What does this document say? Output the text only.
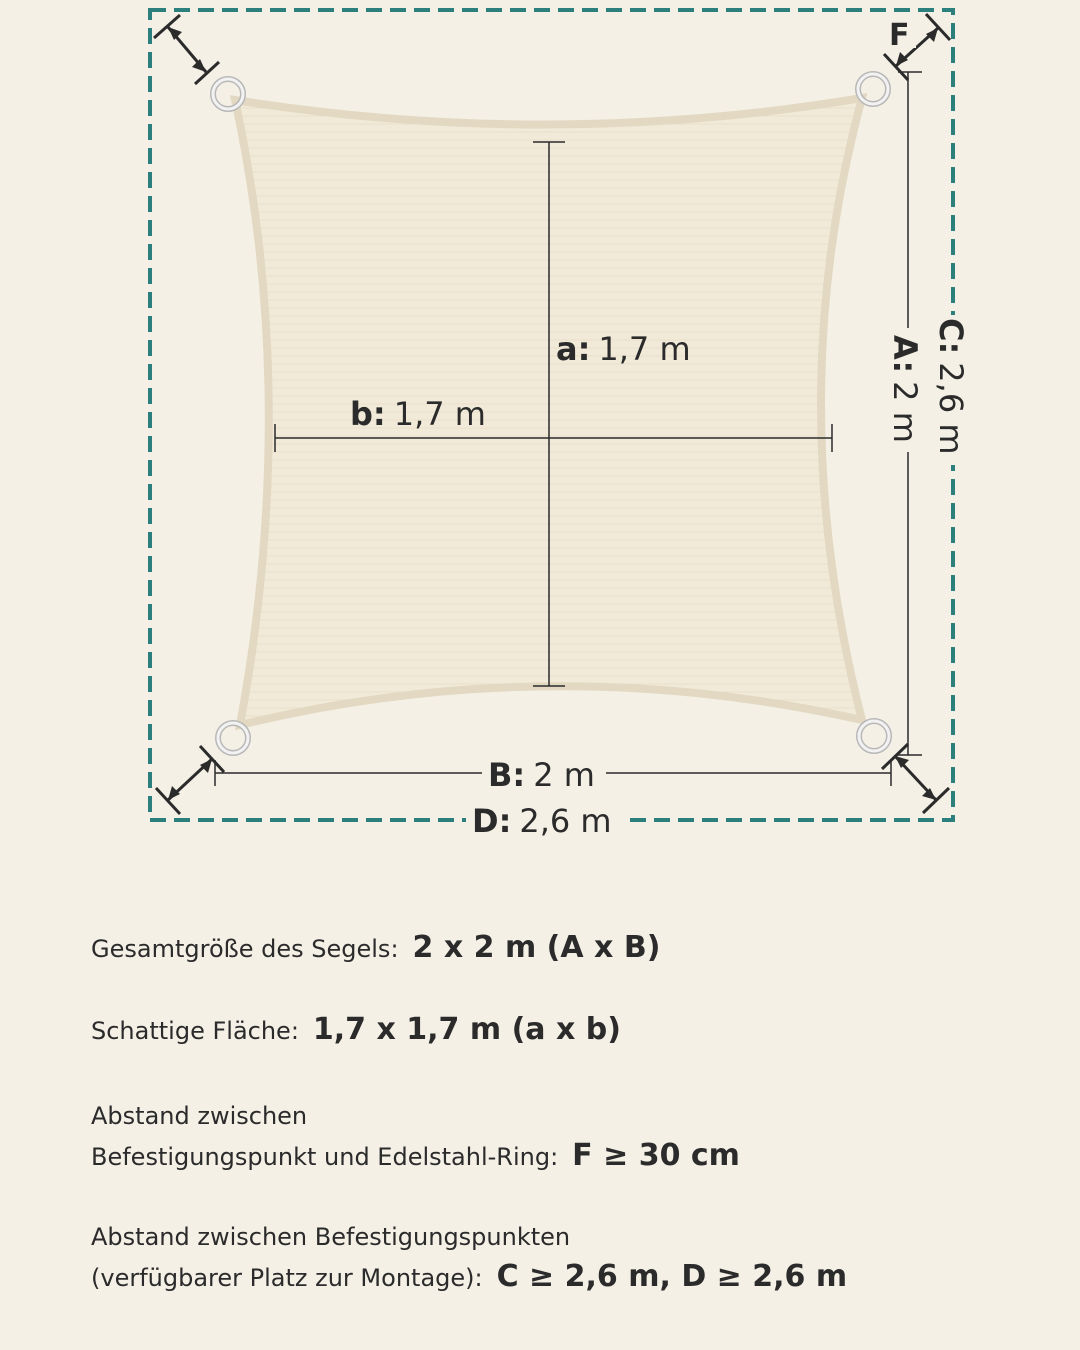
a: 1,7 m
b: 1,7 m
B: 2 m
D: 2,6 m
A:2 m
C:2,6 m
F
Gesamtgröße des Segels: 2 x 2 m (A x B)
Schattige Fläche: 1,7 x 1,7 m (a x b)
Abstand zwischen
Befestigungspunkt und Edelstahl-Ring: F ≥ 30 cm
Abstand zwischen Befestigungspunkten
(verfügbarer Platz zur Montage): C ≥ 2,6 m, D ≥ 2,6 m
